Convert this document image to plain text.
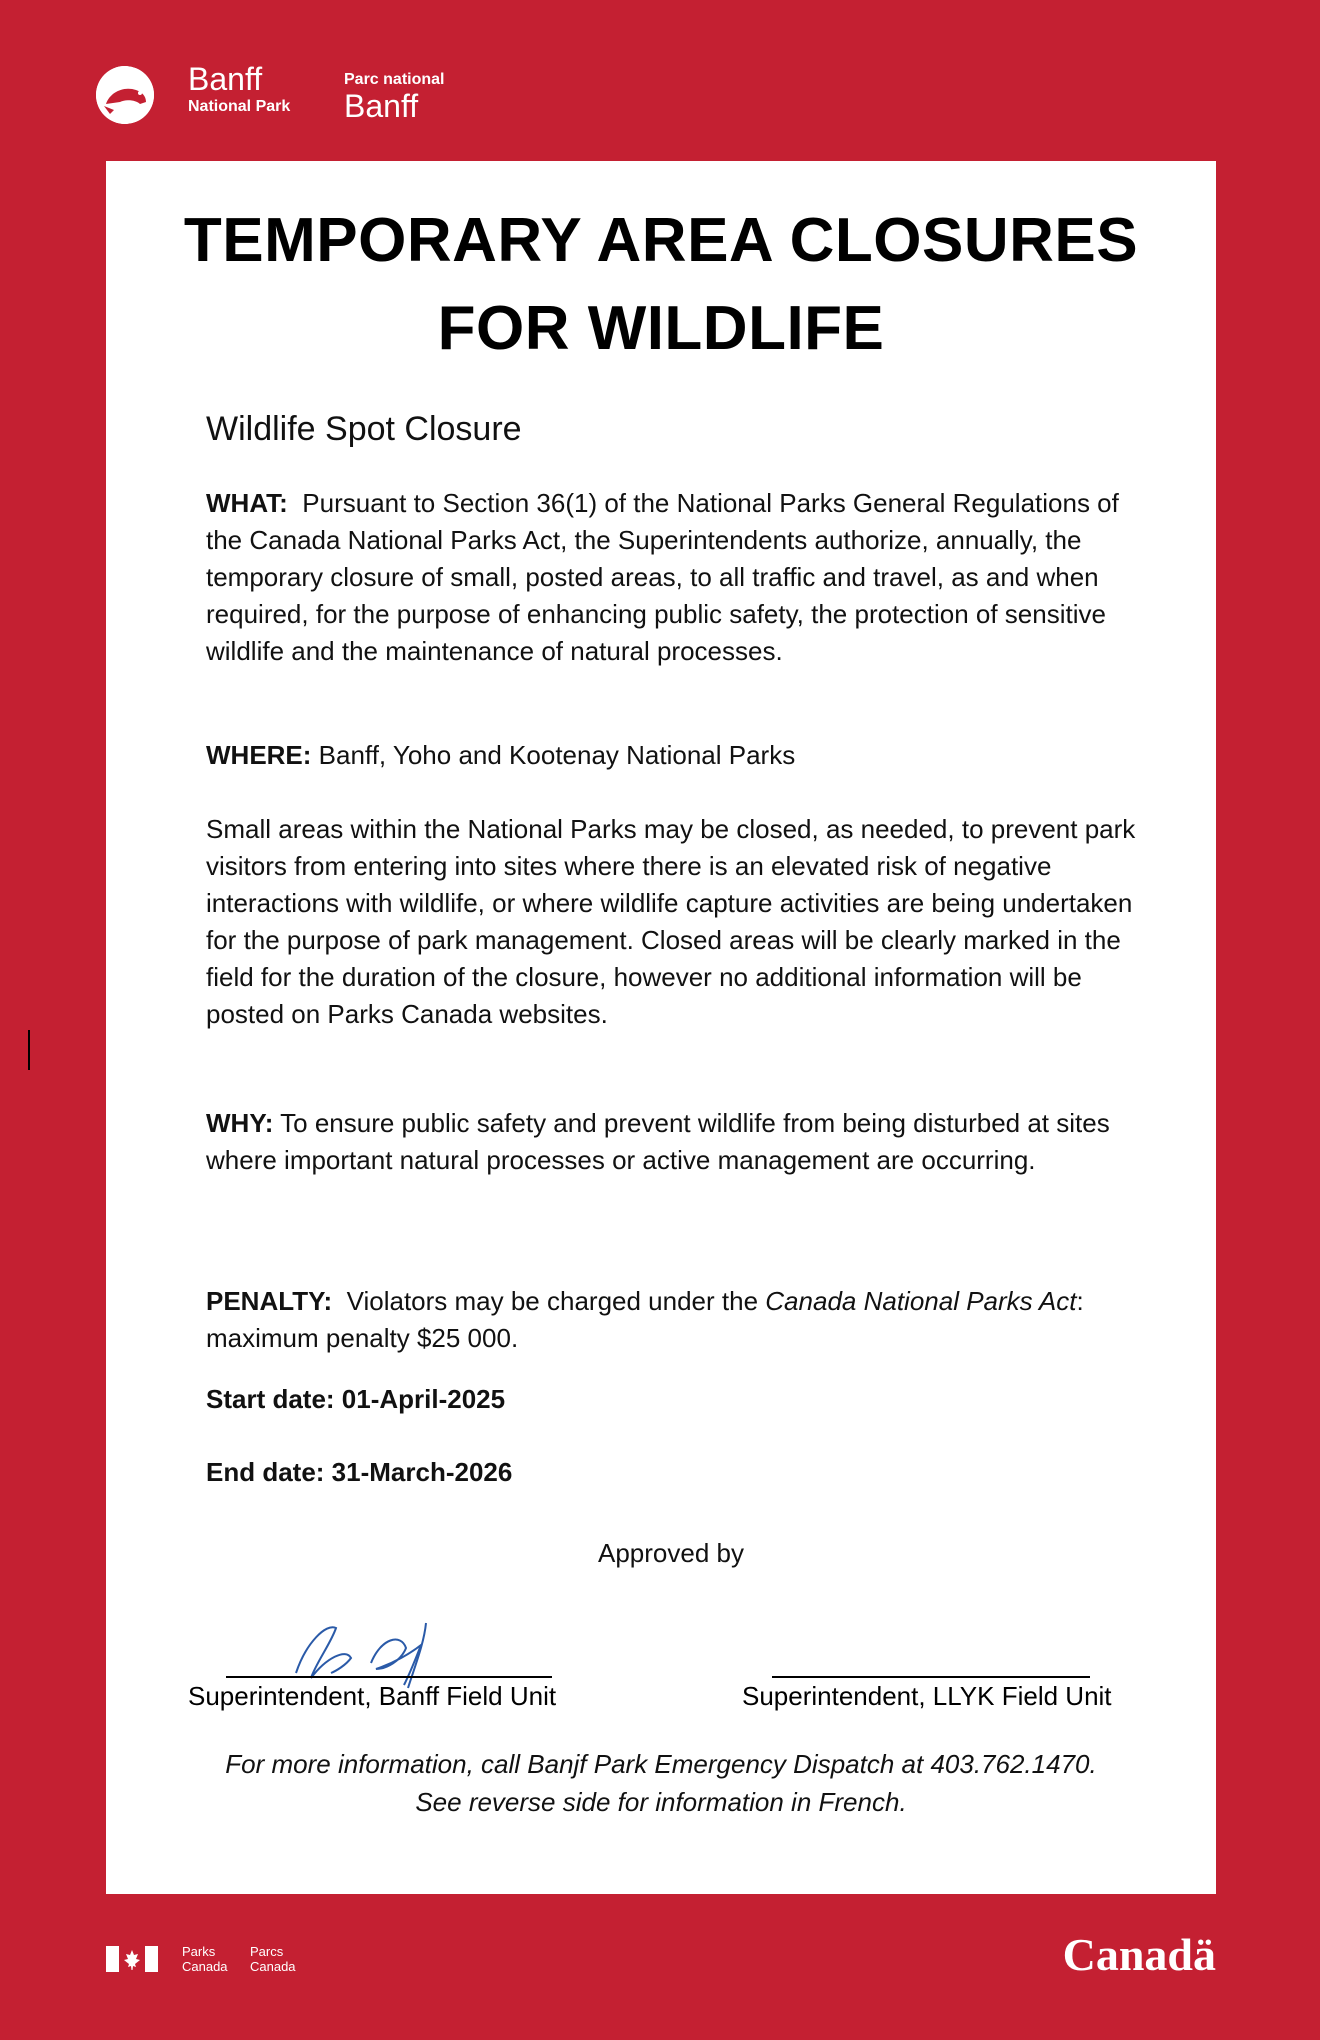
Banff
National Park
Parc national
Banff
TEMPORARY AREA CLOSURES
FOR WILDLIFE
Wildlife Spot Closure
WHAT: Pursuant to Section 36(1) of the National Parks General Regulations of the Canada National Parks Act, the Superintendents authorize, annually, the temporary closure of small, posted areas, to all traffic and travel, as and when required, for the purpose of enhancing public safety, the protection of sensitive wildlife and the maintenance of natural processes.
WHERE: Banff, Yoho and Kootenay National Parks
Small areas within the National Parks may be closed, as needed, to prevent park visitors from entering into sites where there is an elevated risk of negative interactions with wildlife, or where wildlife capture activities are being undertaken for the purpose of park management. Closed areas will be clearly marked in the field for the duration of the closure, however no additional information will be posted on Parks Canada websites.
WHY: To ensure public safety and prevent wildlife from being disturbed at sites where important natural processes or active management are occurring.
PENALTY: Violators may be charged under the Canada National Parks Act: maximum penalty $25 000.
Start date: 01-April-2025
End date: 31-March-2026
Approved by
Superintendent, Banff Field Unit	Superintendent, LLYK Field Unit
For more information, call Banjf Park Emergency Dispatch at 403.762.1470.
See reverse side for information in French.
Parks
Canada
Parcs
Canada	Canadä
